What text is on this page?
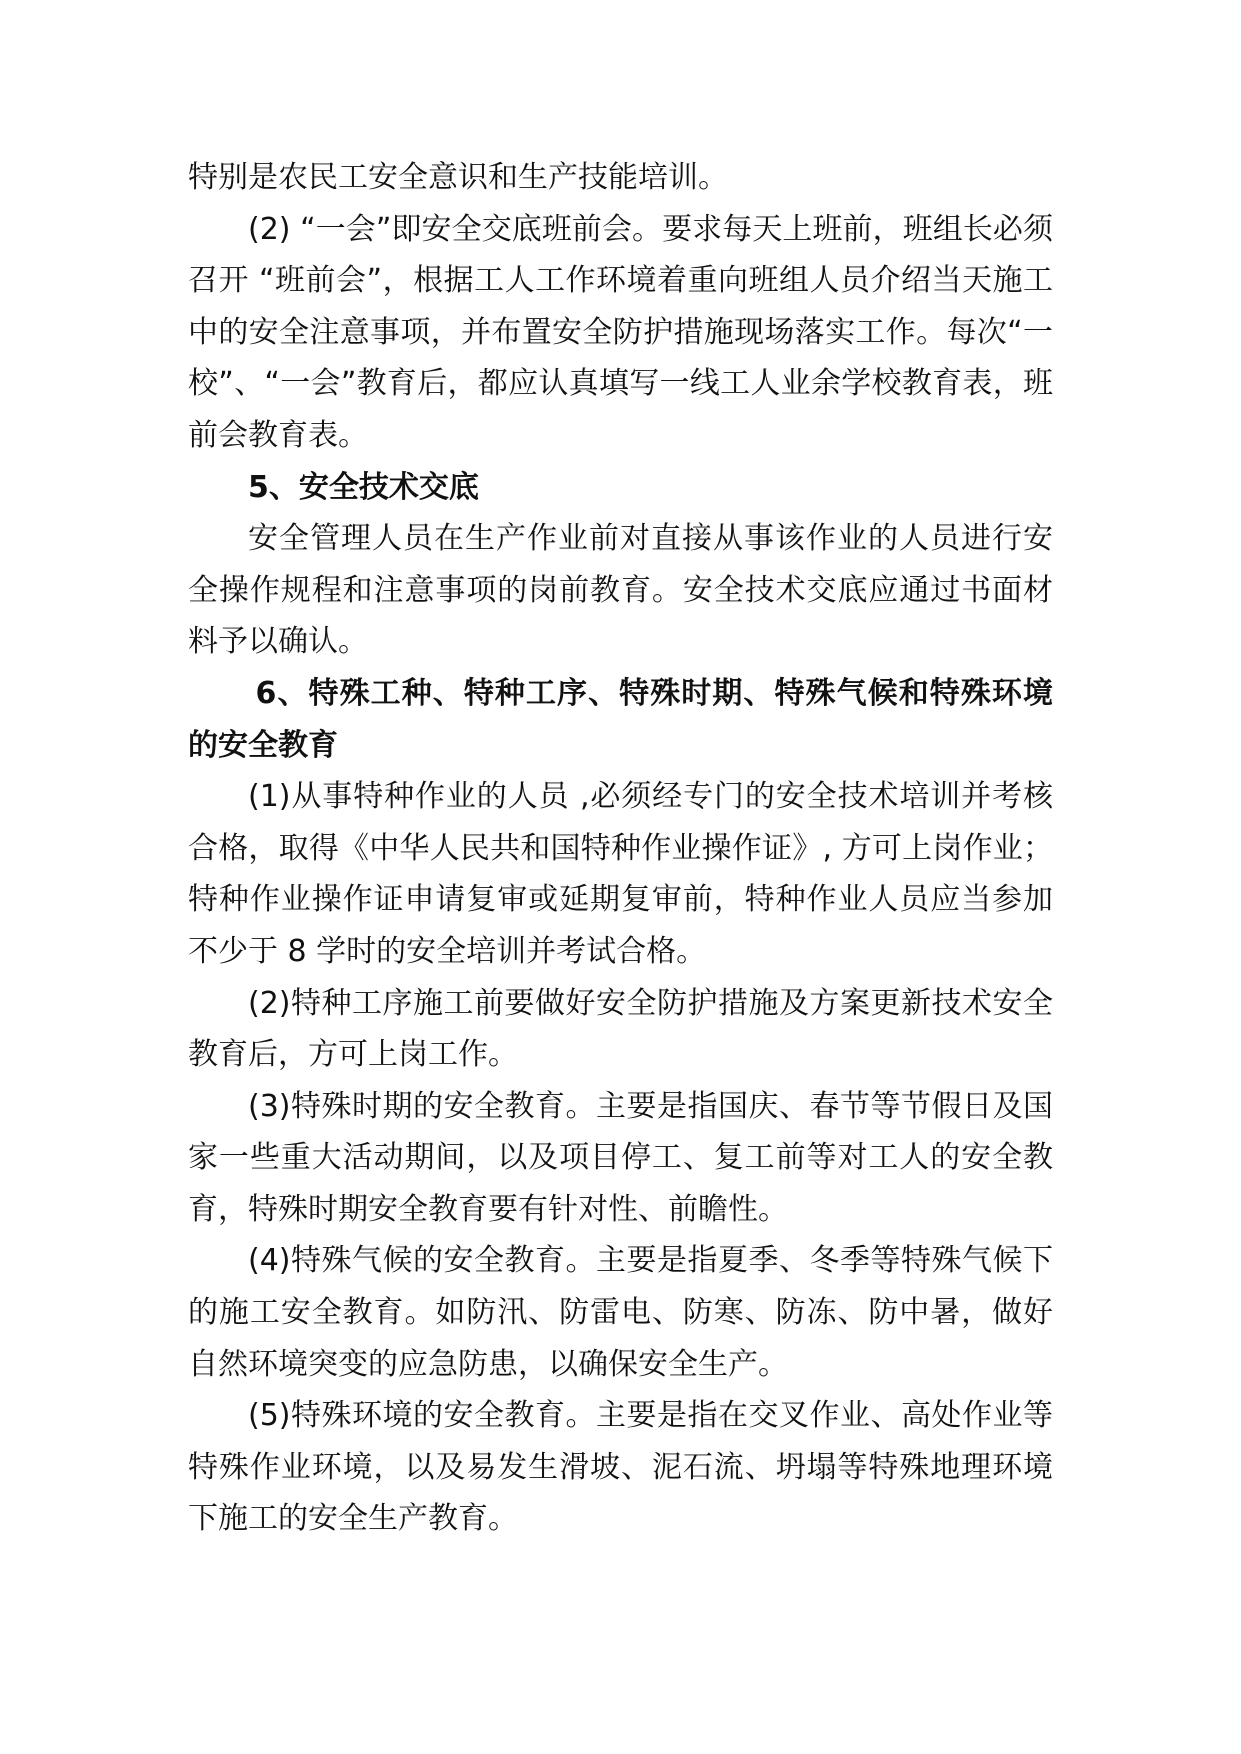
特别是农民工安全意识和生产技能培训。

(2) “一会”即安全交底班前会。要求每天上班前，班组长必须召开 “班前会”，根据工人工作环境着重向班组人员介绍当天施工中的安全注意事项，并布置安全防护措施现场落实工作。每次“一校”、“一会”教育后，都应认真填写一线工人业余学校教育表，班前会教育表。

5、安全技术交底

安全管理人员在生产作业前对直接从事该作业的人员进行安全操作规程和注意事项的岗前教育。安全技术交底应通过书面材料予以确认。

6、特殊工种、特种工序、特殊时期、特殊气候和特殊环境的安全教育

(1)从事特种作业的人员 ,必须经专门的安全技术培训并考核合格，取得《中华人民共和国特种作业操作证》, 方可上岗作业；特种作业操作证申请复审或延期复审前，特种作业人员应当参加不少于 8 学时的安全培训并考试合格。

(2)特种工序施工前要做好安全防护措施及方案更新技术安全教育后，方可上岗工作。

(3)特殊时期的安全教育。主要是指国庆、春节等节假日及国家一些重大活动期间，以及项目停工、复工前等对工人的安全教育，特殊时期安全教育要有针对性、前瞻性。

(4)特殊气候的安全教育。主要是指夏季、冬季等特殊气候下的施工安全教育。如防汛、防雷电、防寒、防冻、防中暑，做好自然环境突变的应急防患，以确保安全生产。

(5)特殊环境的安全教育。主要是指在交叉作业、高处作业等特殊作业环境，以及易发生滑坡、泥石流、坍塌等特殊地理环境下施工的安全生产教育。
